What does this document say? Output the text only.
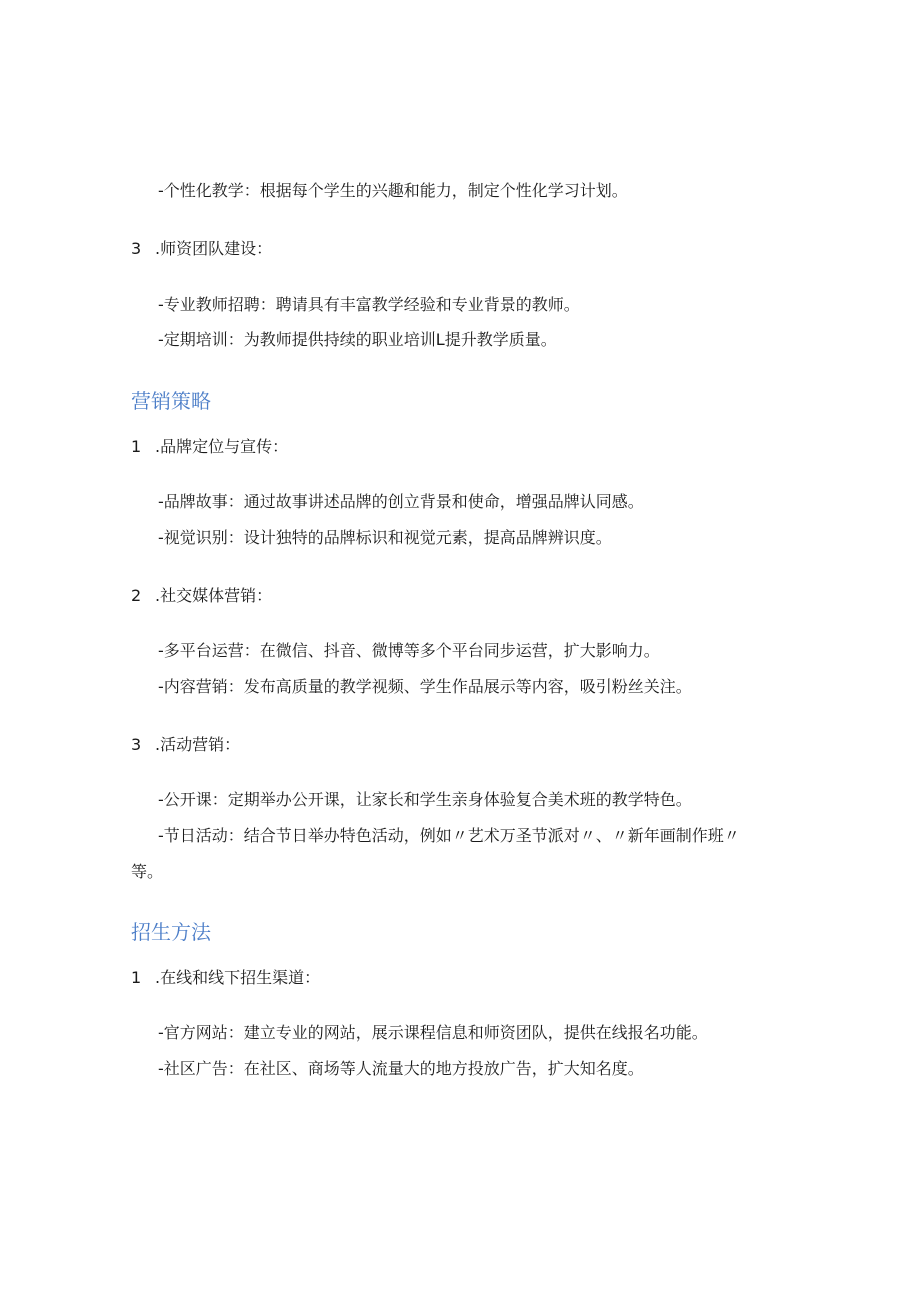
-个性化教学：根据每个学生的兴趣和能力，制定个性化学习计划。
3 .师资团队建设：
-专业教师招聘：聘请具有丰富教学经验和专业背景的教师。
-定期培训：为教师提供持续的职业培训L提升教学质量。
营销策略
1 .品牌定位与宣传：
-品牌故事：通过故事讲述品牌的创立背景和使命，增强品牌认同感。
-视觉识别：设计独特的品牌标识和视觉元素，提高品牌辨识度。
2 .社交媒体营销：
-多平台运营：在微信、抖音、微博等多个平台同步运营，扩大影响力。
-内容营销：发布高质量的教学视频、学生作品展示等内容，吸引粉丝关注。
3 .活动营销：
-公开课：定期举办公开课，让家长和学生亲身体验复合美术班的教学特色。
-节日活动：结合节日举办特色活动，例如〃艺术万圣节派对〃、〃新年画制作班〃
等。
招生方法
1 .在线和线下招生渠道：
-官方网站：建立专业的网站，展示课程信息和师资团队，提供在线报名功能。
-社区广告：在社区、商场等人流量大的地方投放广告，扩大知名度。
